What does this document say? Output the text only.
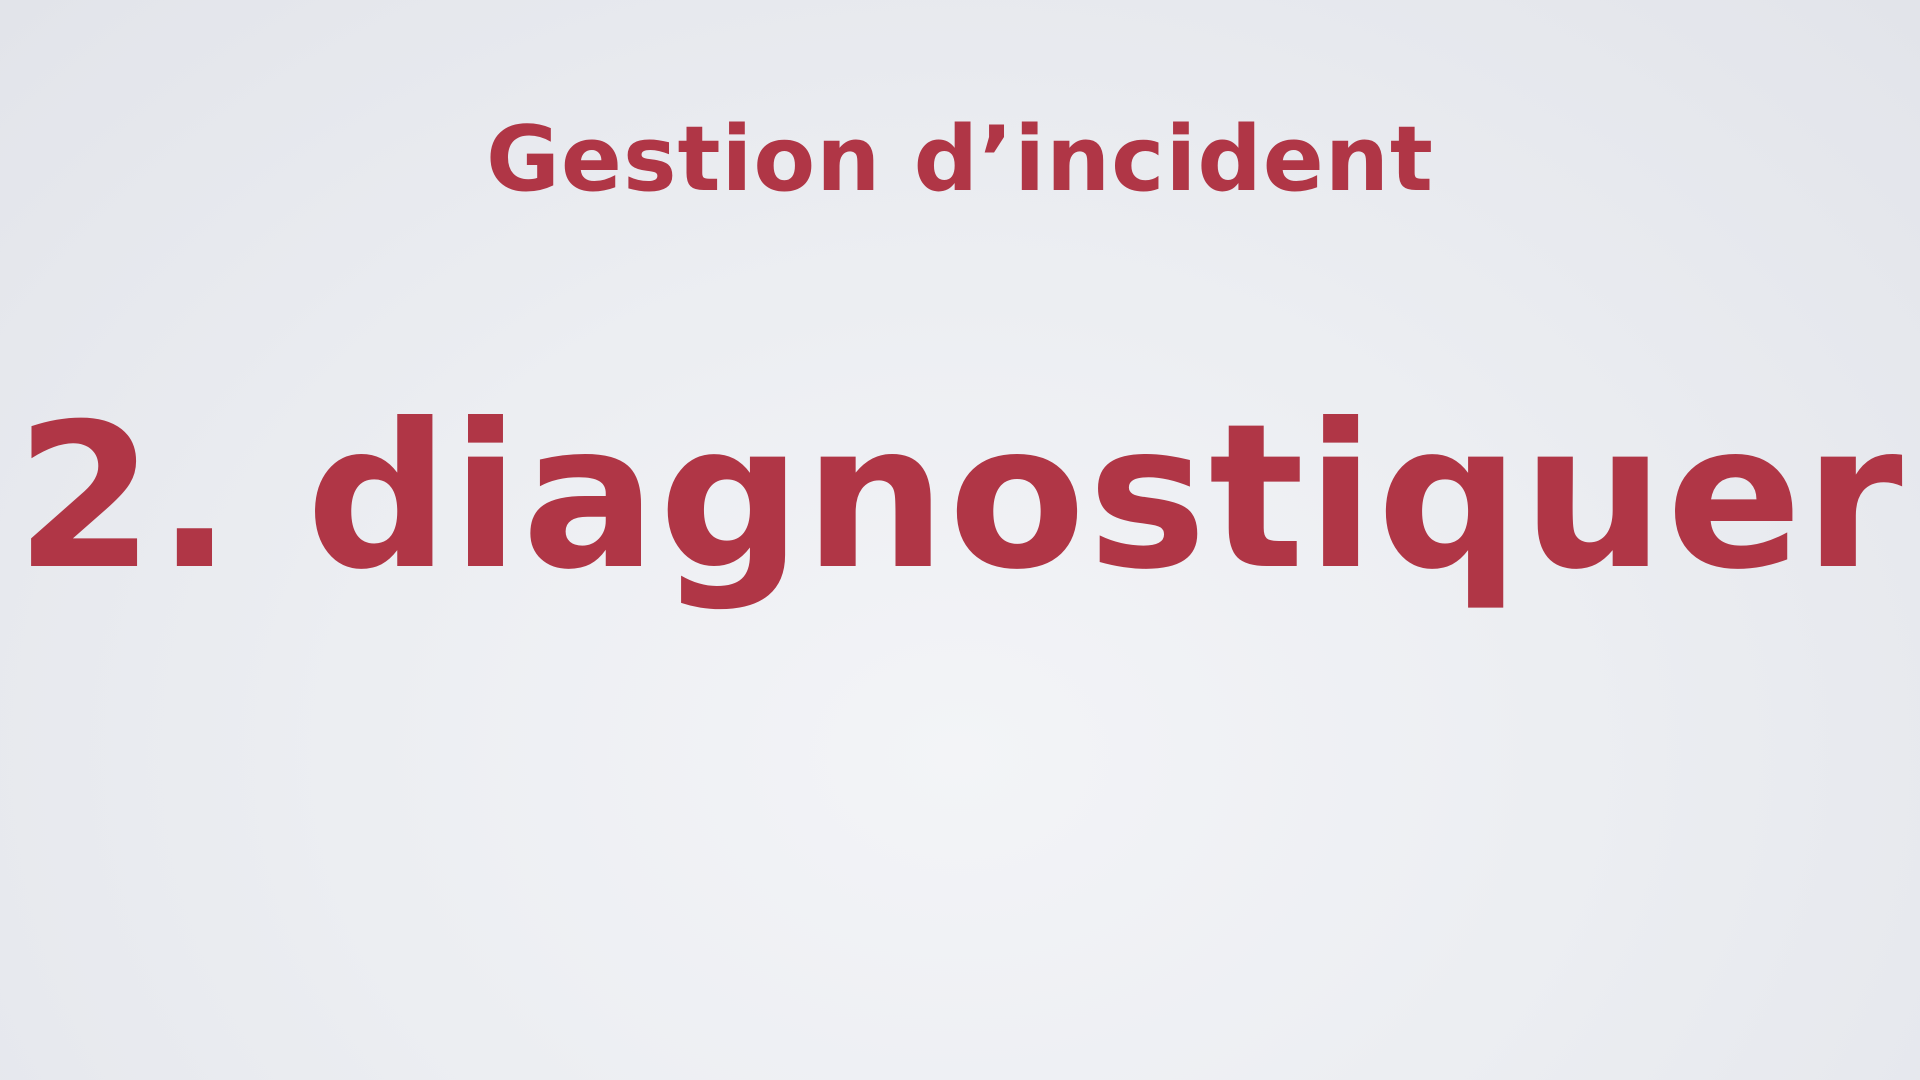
Gestion d’incident
2. diagnostiquer
